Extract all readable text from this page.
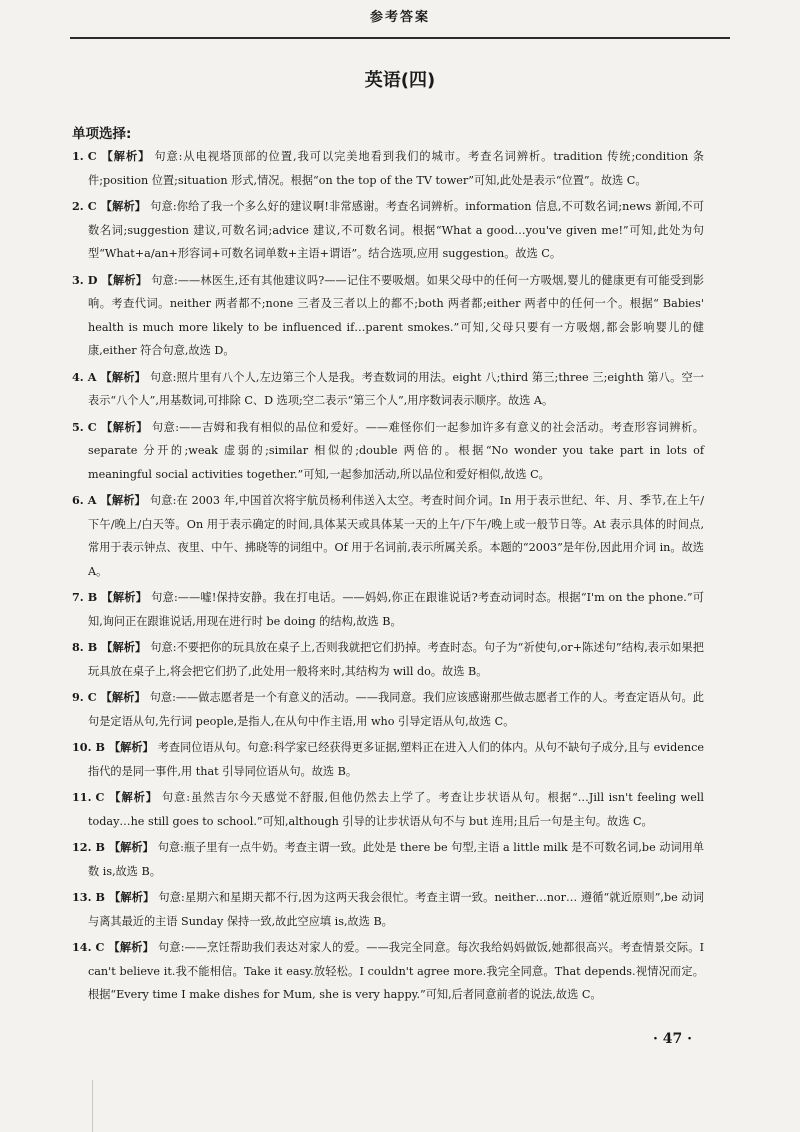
参考答案
英语(四)
单项选择:

1. C 【解析】 句意:从电视塔顶部的位置,我可以完美地看到我们的城市。考查名词辨析。tradition 传统;condition 条件;position 位置;situation 形式,情况。根据“on the top of the TV tower”可知,此处是表示“位置”。故选 C。

2. C 【解析】 句意:你给了我一个多么好的建议啊!非常感谢。考查名词辨析。information 信息,不可数名词;news 新闻,不可数名词;suggestion 建议,可数名词;advice 建议,不可数名词。根据“What a good…you've given me!”可知,此处为句型“What+a/an+形容词+可数名词单数+主语+谓语”。结合选项,应用 suggestion。故选 C。

3. D 【解析】 句意:——林医生,还有其他建议吗?——记住不要吸烟。如果父母中的任何一方吸烟,婴儿的健康更有可能受到影响。考查代词。neither 两者都不;none 三者及三者以上的都不;both 两者都;either 两者中的任何一个。根据“ Babies' health is much more likely to be influenced if…parent smokes.”可知,父母只要有一方吸烟,都会影响婴儿的健康,either 符合句意,故选 D。

4. A 【解析】 句意:照片里有八个人,左边第三个人是我。考查数词的用法。eight 八;third 第三;three 三;eighth 第八。空一表示“八个人”,用基数词,可排除 C、D 选项;空二表示“第三个人”,用序数词表示顺序。故选 A。

5. C 【解析】 句意:——吉姆和我有相似的品位和爱好。——难怪你们一起参加许多有意义的社会活动。考查形容词辨析。separate 分开的;weak 虚弱的;similar 相似的;double 两倍的。根据“No wonder you take part in lots of meaningful social activities together.”可知,一起参加活动,所以品位和爱好相似,故选 C。

6. A 【解析】 句意:在 2003 年,中国首次将宇航员杨利伟送入太空。考查时间介词。In 用于表示世纪、年、月、季节,在上午/下午/晚上/白天等。On 用于表示确定的时间,具体某天或具体某一天的上午/下午/晚上或一般节日等。At 表示具体的时间点,常用于表示钟点、夜里、中午、拂晓等的词组中。Of 用于名词前,表示所属关系。本题的“2003”是年份,因此用介词 in。故选 A。

7. B 【解析】 句意:——嘘!保持安静。我在打电话。——妈妈,你正在跟谁说话?考查动词时态。根据“I'm on the phone.”可知,询问正在跟谁说话,用现在进行时 be doing 的结构,故选 B。

8. B 【解析】 句意:不要把你的玩具放在桌子上,否则我就把它们扔掉。考查时态。句子为“祈使句,or+陈述句”结构,表示如果把玩具放在桌子上,将会把它们扔了,此处用一般将来时,其结构为 will do。故选 B。

9. C 【解析】 句意:——做志愿者是一个有意义的活动。——我同意。我们应该感谢那些做志愿者工作的人。考查定语从句。此句是定语从句,先行词 people,是指人,在从句中作主语,用 who 引导定语从句,故选 C。

10. B 【解析】 考查同位语从句。句意:科学家已经获得更多证据,塑料正在进入人们的体内。从句不缺句子成分,且与 evidence 指代的是同一事件,用 that 引导同位语从句。故选 B。

11. C 【解析】 句意:虽然吉尔今天感觉不舒服,但他仍然去上学了。考查让步状语从句。根据“…Jill isn't feeling well today…he still goes to school.”可知,although 引导的让步状语从句不与 but 连用;且后一句是主句。故选 C。

12. B 【解析】 句意:瓶子里有一点牛奶。考查主谓一致。此处是 there be 句型,主语 a little milk 是不可数名词,be 动词用单数 is,故选 B。

13. B 【解析】 句意:星期六和星期天都不行,因为这两天我会很忙。考查主谓一致。neither…nor… 遵循“就近原则”,be 动词与离其最近的主语 Sunday 保持一致,故此空应填 is,故选 B。

14. C 【解析】 句意:——烹饪帮助我们表达对家人的爱。——我完全同意。每次我给妈妈做饭,她都很高兴。考查情景交际。I can't believe it.我不能相信。Take it easy.放轻松。I couldn't agree more.我完全同意。That depends.视情况而定。根据“Every time I make dishes for Mum, she is very happy.”可知,后者同意前者的说法,故选 C。

· 47 ·
